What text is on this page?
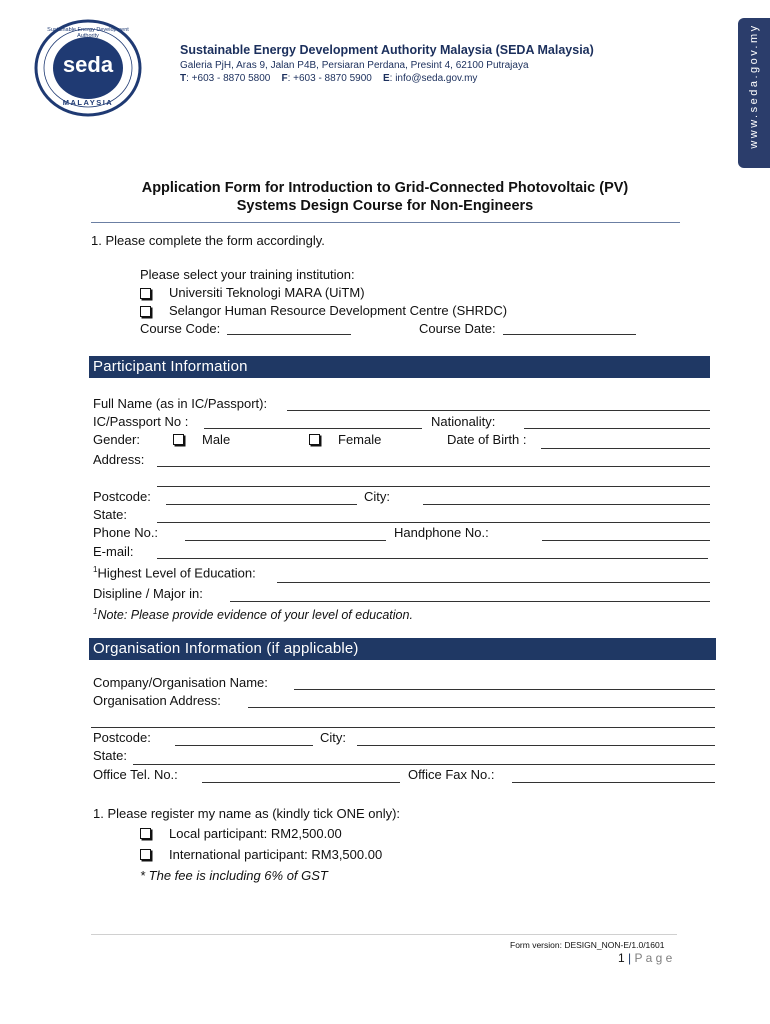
seda
MALAYSIA
Sustainable Energy Development Authority
Sustainable Energy Development Authority Malaysia (SEDA Malaysia)
Galeria PjH, Aras 9, Jalan P4B, Persiaran Perdana, Presint 4, 62100 Putrajaya
T: +603 - 8870 5800 F: +603 - 8870 5900 E: info@seda.gov.my	www.seda.gov.my
Application Form for Introduction to Grid-Connected Photovoltaic (PV)
Systems Design Course for Non-Engineers
1. Please complete the form accordingly.
Please select your training institution:
Universiti Teknologi MARA (UiTM)
Selangor Human Resource Development Centre (SHRDC)
Course Code:	Course Date:
Participant Information
Full Name (as in IC/Passport):
IC/Passport No :	Nationality:
Gender:	Male	Female	Date of Birth :
Address:
Postcode:	City:
State:
Phone No.:	Handphone No.:
E-mail:
$^1$Highest Level of Education:
Disipline / Major in:
$^1$Note: Please provide evidence of your level of education.
Organisation Information (if applicable)
Company/Organisation Name:
Organisation Address:
Postcode:	City:
State:
Office Tel. No.:	Office Fax No.:
1. Please register my name as (kindly tick ONE only):
Local participant: RM2,500.00
International participant: RM3,500.00
* The fee is including 6% of GST
Form version: DESIGN_NON-E/1.0/1601
1 | P a g e
